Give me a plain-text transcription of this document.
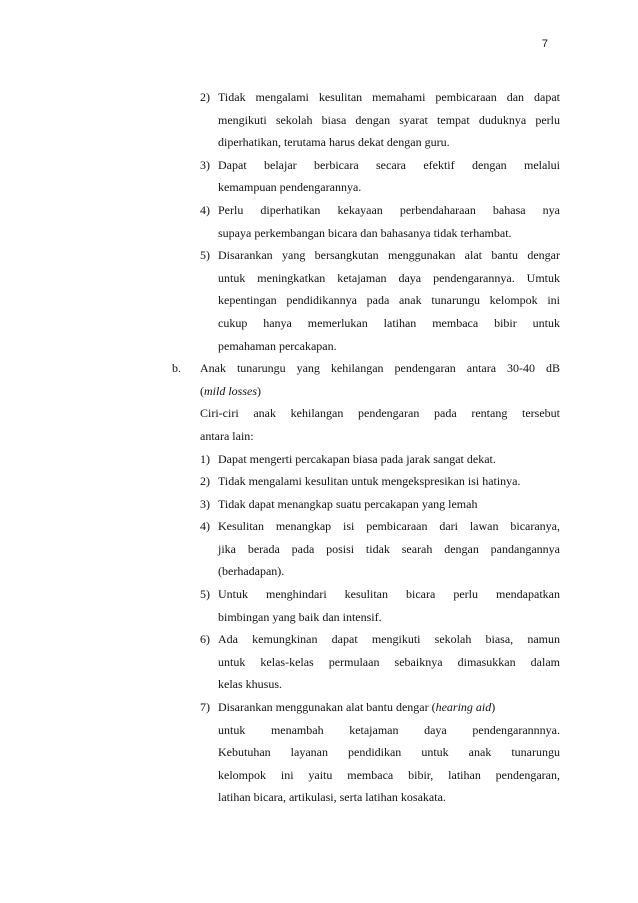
7
2) Tidak mengalami kesulitan memahami pembicaraan dan dapat
mengikuti sekolah biasa dengan syarat tempat duduknya perlu
diperhatikan, terutama harus dekat dengan guru.
3) Dapat belajar berbicara secara efektif dengan melalui
kemampuan pendengarannya.
4) Perlu diperhatikan kekayaan perbendaharaan bahasa nya
supaya perkembangan bicara dan bahasanya tidak terhambat.
5) Disarankan yang bersangkutan menggunakan alat bantu dengar
untuk meningkatkan ketajaman daya pendengarannya. Umtuk
kepentingan pendidikannya pada anak tunarungu kelompok ini
cukup hanya memerlukan latihan membaca bibir untuk
pemahaman percakapan.
b. Anak tunarungu yang kehilangan pendengaran antara 30-40 dB
(mild losses)
Ciri-ciri anak kehilangan pendengaran pada rentang tersebut
antara lain:
1) Dapat mengerti percakapan biasa pada jarak sangat dekat.
2) Tidak mengalami kesulitan untuk mengekspresikan isi hatinya.
3) Tidak dapat menangkap suatu percakapan yang lemah
4) Kesulitan menangkap isi pembicaraan dari lawan bicaranya,
jika berada pada posisi tidak searah dengan pandangannya
(berhadapan).
5) Untuk menghindari kesulitan bicara perlu mendapatkan
bimbingan yang baik dan intensif.
6) Ada kemungkinan dapat mengikuti sekolah biasa, namun
untuk kelas-kelas permulaan sebaiknya dimasukkan dalam
kelas khusus.
7) Disarankan menggunakan alat bantu dengar (hearing aid)
untuk menambah ketajaman daya pendengarannnya.
Kebutuhan layanan pendidikan untuk anak tunarungu
kelompok ini yaitu membaca bibir, latihan pendengaran,
latihan bicara, artikulasi, serta latihan kosakata.
